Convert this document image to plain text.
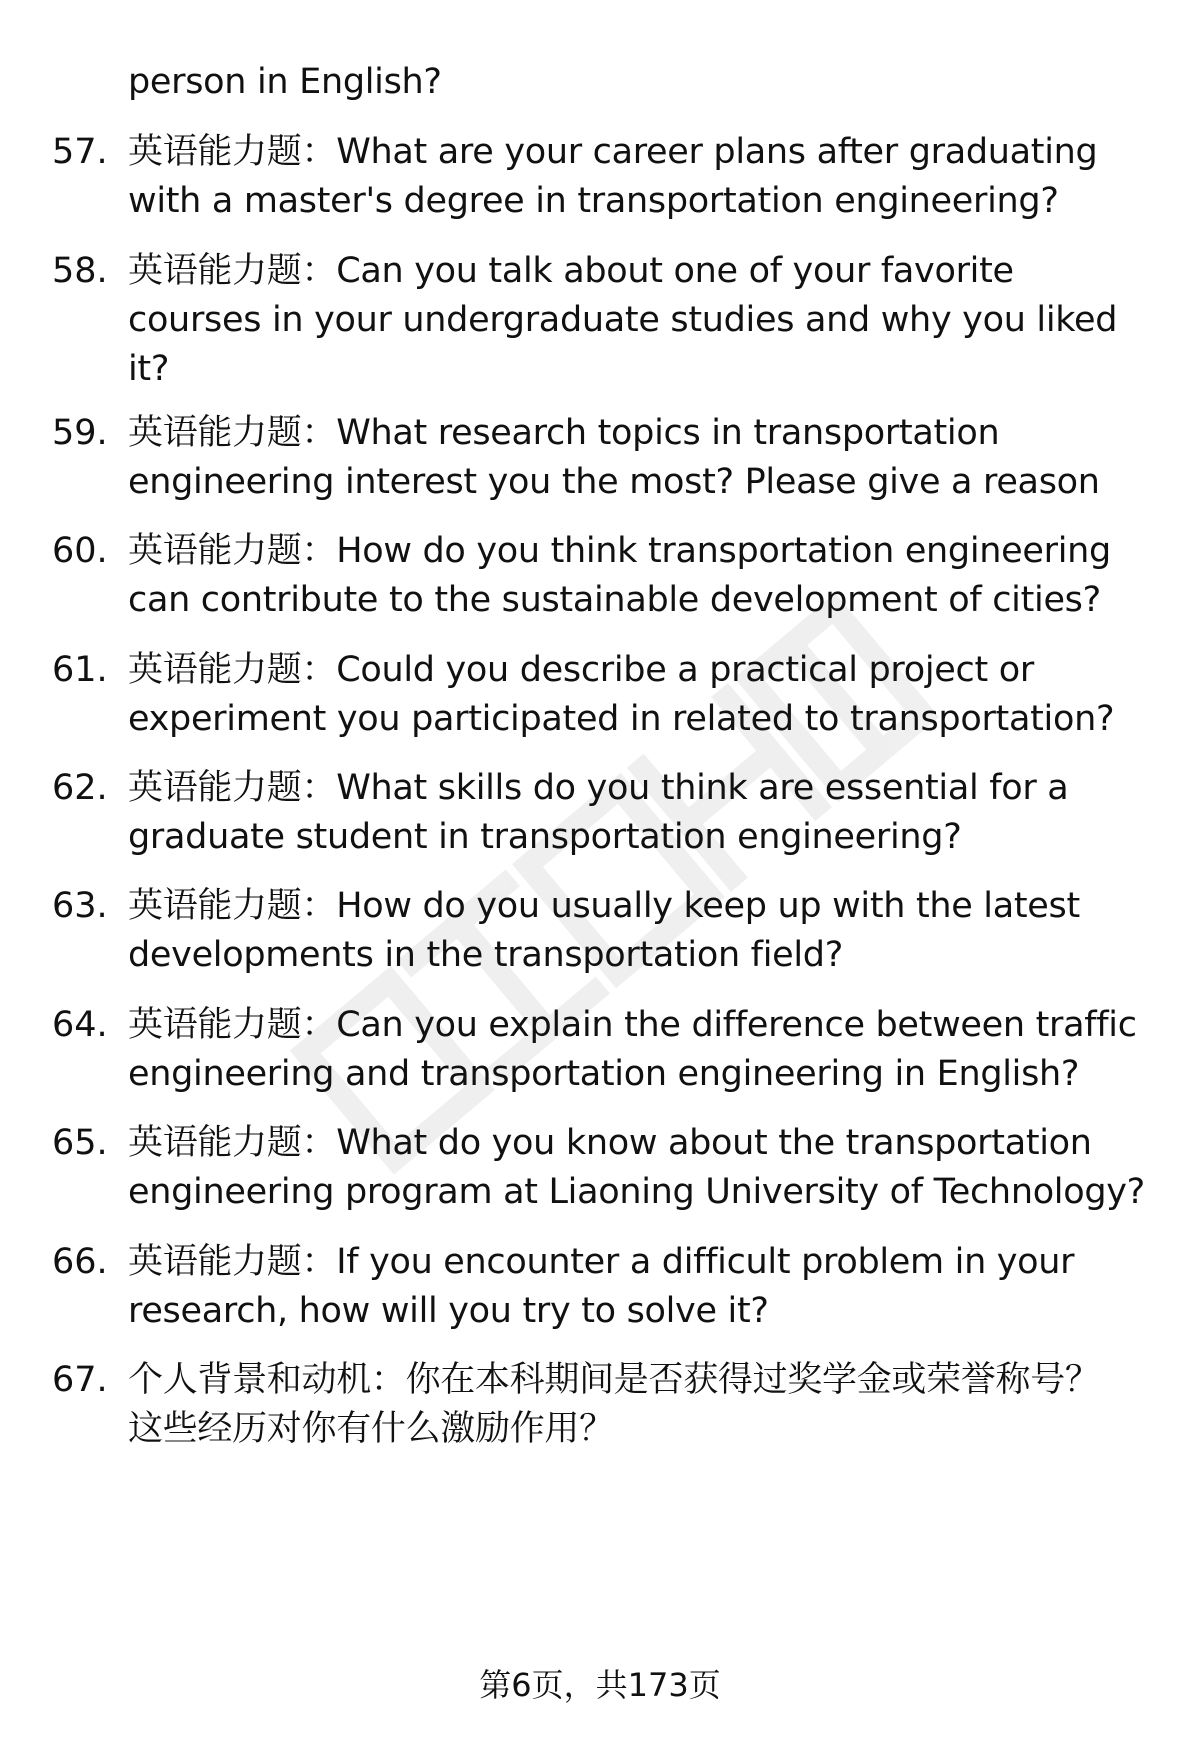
person in English?
57. 英语能力题：What are your career plans after graduating
with a master's degree in transportation engineering?
58. 英语能力题：Can you talk about one of your favorite
courses in your undergraduate studies and why you liked
it?
59. 英语能力题：What research topics in transportation
engineering interest you the most? Please give a reason
60. 英语能力题：How do you think transportation engineering
can contribute to the sustainable development of cities?
61. 英语能力题：Could you describe a practical project or
experiment you participated in related to transportation?
62. 英语能力题：What skills do you think are essential for a
graduate student in transportation engineering?
63. 英语能力题：How do you usually keep up with the latest
developments in the transportation field?
64. 英语能力题：Can you explain the difference between traffic
engineering and transportation engineering in English?
65. 英语能力题：What do you know about the transportation
engineering program at Liaoning University of Technology?
66. 英语能力题：If you encounter a difficult problem in your
research, how will you try to solve it?
67. 个人背景和动机：你在本科期间是否获得过奖学金或荣誉称号？
这些经历对你有什么激励作用？
第6页，共173页
